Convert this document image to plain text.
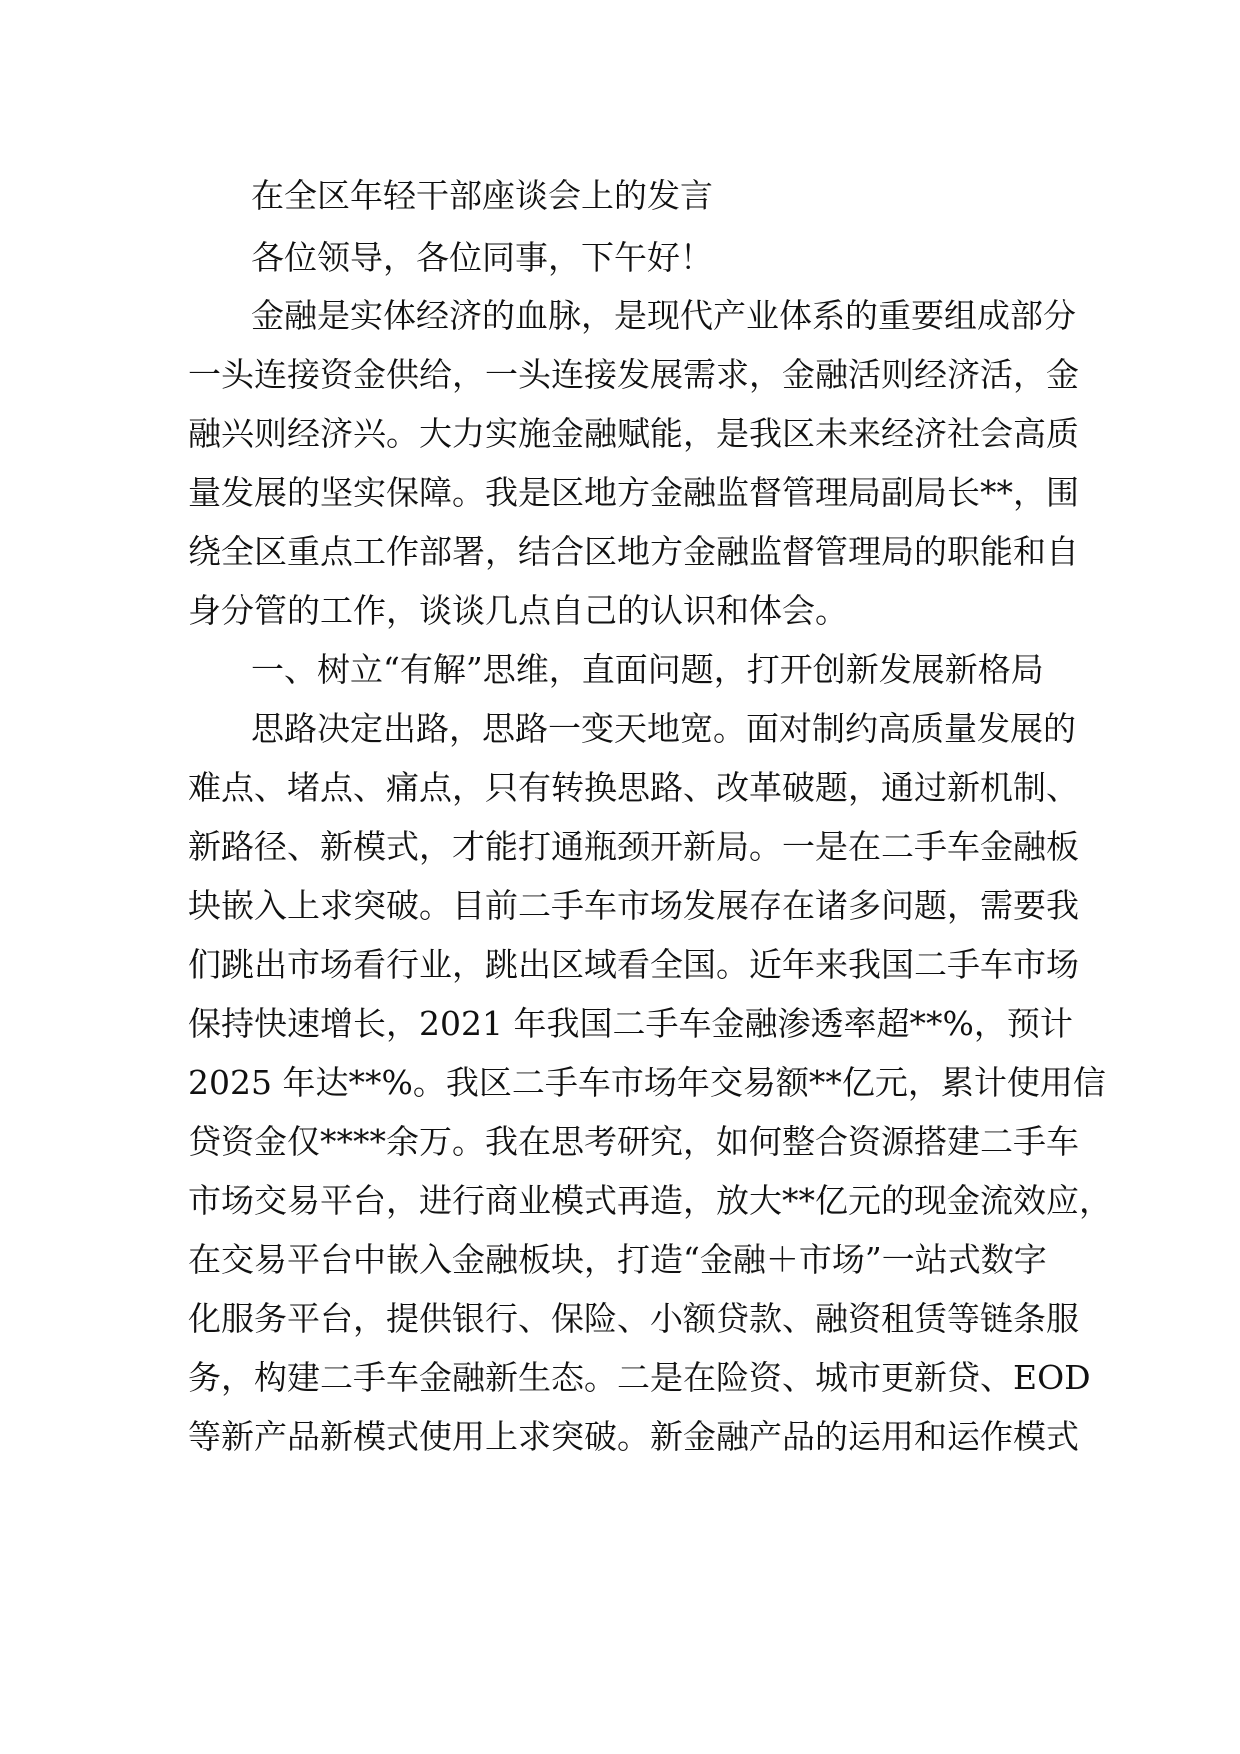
在全区年轻干部座谈会上的发言

各位领导，各位同事，下午好！

金融是实体经济的血脉，是现代产业体系的重要组成部分

一头连接资金供给，一头连接发展需求，金融活则经济活，金

融兴则经济兴。大力实施金融赋能，是我区未来经济社会高质

量发展的坚实保障。我是区地方金融监督管理局副局长**，围

绕全区重点工作部署，结合区地方金融监督管理局的职能和自

身分管的工作，谈谈几点自己的认识和体会。

一、树立“有解”思维，直面问题，打开创新发展新格局

思路决定出路，思路一变天地宽。面对制约高质量发展的

难点、堵点、痛点，只有转换思路、改革破题，通过新机制、

新路径、新模式，才能打通瓶颈开新局。一是在二手车金融板

块嵌入上求突破。目前二手车市场发展存在诸多问题，需要我

们跳出市场看行业，跳出区域看全国。近年来我国二手车市场

保持快速增长，2021 年我国二手车金融渗透率超**%，预计

2025 年达**%。我区二手车市场年交易额**亿元，累计使用信

贷资金仅****余万。我在思考研究，如何整合资源搭建二手车

市场交易平台，进行商业模式再造，放大**亿元的现金流效应，

在交易平台中嵌入金融板块，打造“金融＋市场”一站式数字

化服务平台，提供银行、保险、小额贷款、融资租赁等链条服

务，构建二手车金融新生态。二是在险资、城市更新贷、EOD

等新产品新模式使用上求突破。新金融产品的运用和运作模式
